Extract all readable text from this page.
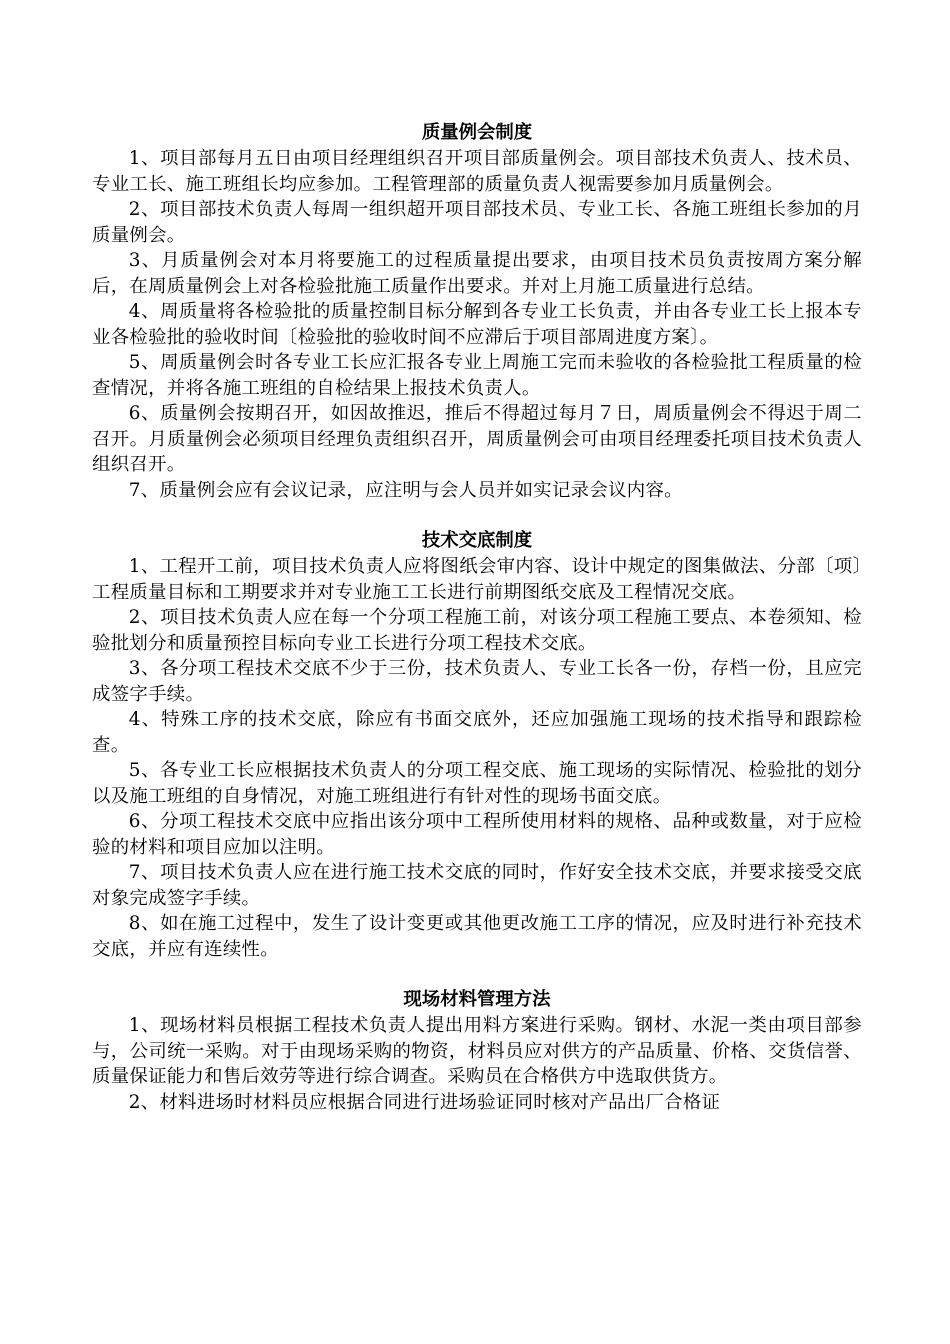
质量例会制度

1、项目部每月五日由项目经理组织召开项目部质量例会。项目部技术负责人、技术员、专业工长、施工班组长均应参加。工程管理部的质量负责人视需要参加月质量例会。

2、项目部技术负责人每周一组织超开项目部技术员、专业工长、各施工班组长参加的月质量例会。

3、月质量例会对本月将要施工的过程质量提出要求，由项目技术员负责按周方案分解后，在周质量例会上对各检验批施工质量作出要求。并对上月施工质量进行总结。

4、周质量将各检验批的质量控制目标分解到各专业工长负责，并由各专业工长上报本专业各检验批的验收时间〔检验批的验收时间不应滞后于项目部周进度方案〕。

5、周质量例会时各专业工长应汇报各专业上周施工完而未验收的各检验批工程质量的检查情况，并将各施工班组的自检结果上报技术负责人。

6、质量例会按期召开，如因故推迟，推后不得超过每月７日，周质量例会不得迟于周二召开。月质量例会必须项目经理负责组织召开，周质量例会可由项目经理委托项目技术负责人组织召开。

7、质量例会应有会议记录，应注明与会人员并如实记录会议内容。

技术交底制度

1、工程开工前，项目技术负责人应将图纸会审内容、设计中规定的图集做法、分部〔项〕工程质量目标和工期要求并对专业施工工长进行前期图纸交底及工程情况交底。

2、项目技术负责人应在每一个分项工程施工前，对该分项工程施工要点、本卷须知、检验批划分和质量预控目标向专业工长进行分项工程技术交底。

3、各分项工程技术交底不少于三份，技术负责人、专业工长各一份，存档一份，且应完成签字手续。

4、特殊工序的技术交底，除应有书面交底外，还应加强施工现场的技术指导和跟踪检查。

5、各专业工长应根据技术负责人的分项工程交底、施工现场的实际情况、检验批的划分以及施工班组的自身情况，对施工班组进行有针对性的现场书面交底。

6、分项工程技术交底中应指出该分项中工程所使用材料的规格、品种或数量，对于应检验的材料和项目应加以注明。

7、项目技术负责人应在进行施工技术交底的同时，作好安全技术交底，并要求接受交底对象完成签字手续。

8、如在施工过程中，发生了设计变更或其他更改施工工序的情况，应及时进行补充技术交底，并应有连续性。

现场材料管理方法

1、现场材料员根据工程技术负责人提出用料方案进行采购。钢材、水泥一类由项目部参与，公司统一采购。对于由现场采购的物资，材料员应对供方的产品质量、价格、交货信誉、质量保证能力和售后效劳等进行综合调查。采购员在合格供方中选取供货方。

2、材料进场时材料员应根据合同进行进场验证同时核对产品出厂合格证
